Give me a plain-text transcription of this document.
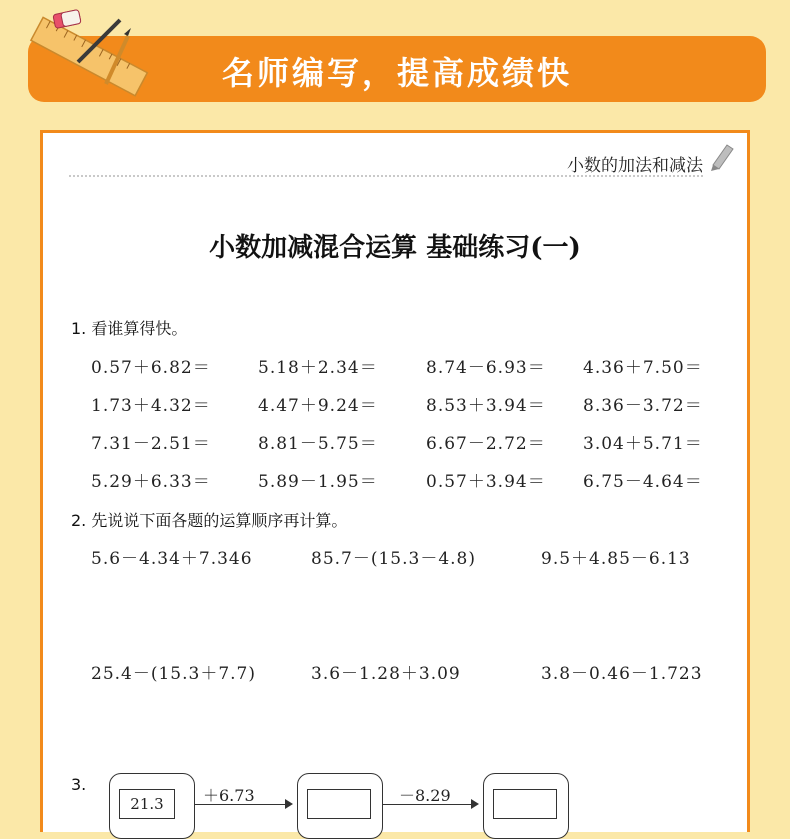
名师编写，提高成绩快
小数的加法和减法
小数加减混合运算 基础练习(一)
1. 看谁算得快。
0.57＋6.82＝	5.18＋2.34＝	8.74－6.93＝ 4.36＋7.50＝
1.73＋4.32＝	4.47＋9.24＝	8.53＋3.94＝ 8.36－3.72＝
7.31－2.51＝	8.81－5.75＝	6.67－2.72＝ 3.04＋5.71＝
5.29＋6.33＝	5.89－1.95＝	0.57＋3.94＝ 6.75－4.64＝
2. 先说说下面各题的运算顺序再计算。
5.6－4.34＋7.346	85.7－(15.3－4.8)	9.5＋4.85－6.13
25.4－(15.3＋7.7)	3.6－1.28＋3.09	3.8－0.46－1.723
3.
21.3	＋6.73	－8.29
